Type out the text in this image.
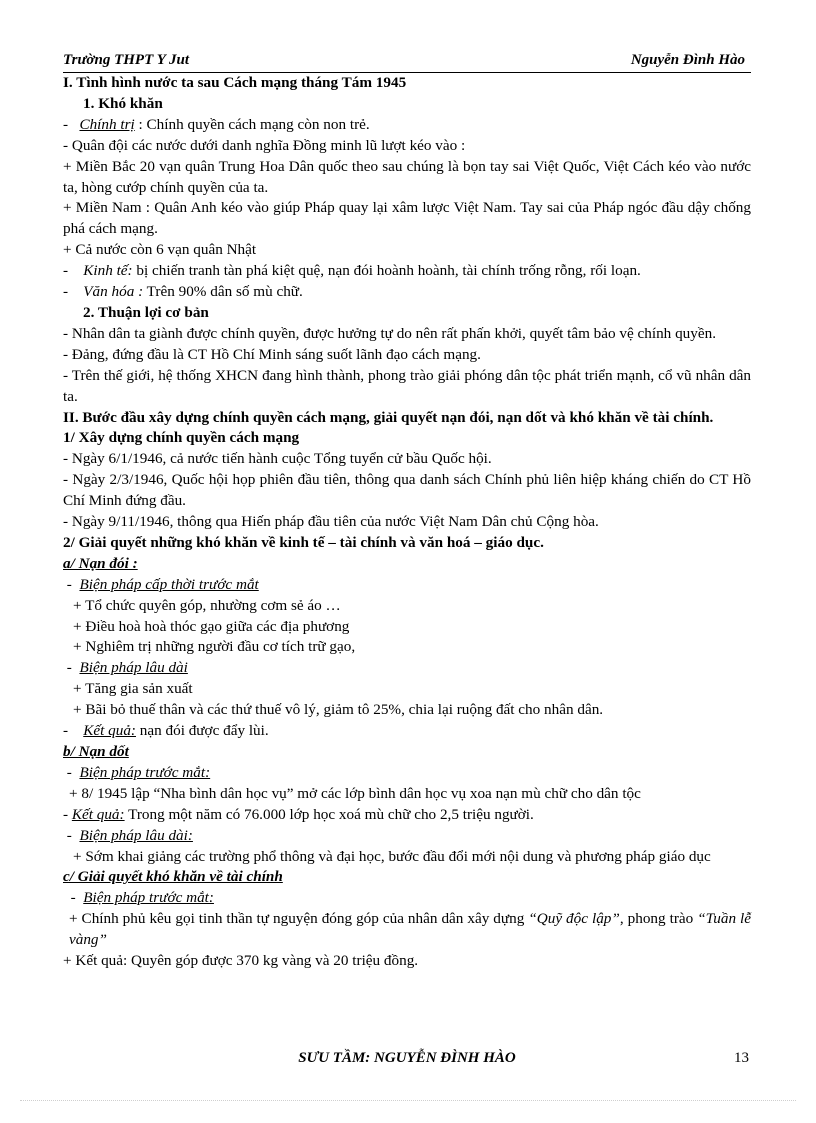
Trường THPT Y Jut	Nguyễn Đình Hào

I. Tình hình nước ta sau Cách mạng tháng Tám 1945

1. Khó khăn

-   Chính trị : Chính quyền cách mạng còn non trẻ.

- Quân đội các nước dưới danh nghĩa Đồng minh lũ lượt kéo vào :

+ Miền Bắc 20 vạn quân Trung Hoa Dân quốc theo sau chúng là bọn tay sai Việt Quốc, Việt Cách kéo vào nước ta, hòng cướp chính quyền của ta.

+ Miền Nam : Quân Anh kéo vào giúp Pháp quay lại xâm lược Việt Nam. Tay sai của Pháp ngóc đầu dậy chống phá cách mạng.

+ Cả nước còn 6 vạn quân Nhật

-    Kinh tế: bị chiến tranh tàn phá kiệt quệ, nạn đói hoành hoành, tài chính trống rỗng, rối loạn.

-    Văn hóa : Trên 90% dân số mù chữ.

2. Thuận lợi cơ bản

- Nhân dân ta giành được chính quyền, được hưởng tự do nên rất phấn khởi, quyết tâm bảo vệ chính quyền.

- Đảng, đứng đầu là CT Hồ Chí Minh sáng suốt lãnh đạo cách mạng.

- Trên thế giới, hệ thống XHCN đang hình thành, phong trào giải phóng dân tộc phát triển mạnh, cổ vũ nhân dân ta.

II. Bước đầu xây dựng chính quyền cách mạng, giải quyết nạn đói, nạn dốt và khó khăn về tài chính.

1/ Xây dựng chính quyền cách mạng

- Ngày 6/1/1946, cả nước tiến hành cuộc Tổng tuyển cử bầu Quốc hội.

- Ngày 2/3/1946, Quốc hội họp phiên đầu tiên, thông qua danh sách Chính phủ liên hiệp kháng chiến do CT Hồ Chí Minh đứng đầu.

- Ngày 9/11/1946, thông qua Hiến pháp đầu tiên của nước Việt Nam Dân chủ Cộng hòa.

2/ Giải quyết những khó khăn về kinh tế – tài chính và văn hoá – giáo dục.

a/ Nạn đói :

-  Biện pháp cấp thời trước mắt

+ Tổ chức quyên góp, nhường cơm sẻ áo …

+ Điều hoà hoà thóc gạo giữa các địa phương

+ Nghiêm trị những người đầu cơ tích trữ gạo,

-  Biện pháp lâu dài

+ Tăng gia sản xuất

+ Bãi bỏ thuế thân và các thứ thuế vô lý, giảm tô 25%, chia lại ruộng đất cho nhân dân.

-    Kết quả: nạn đói được đẩy lùi.

b/ Nạn dốt

-  Biện pháp trước mắt:

+ 8/ 1945 lập “Nha bình dân học vụ” mở các lớp bình dân học vụ xoa nạn mù chữ cho dân tộc

- Kết quả: Trong một năm có 76.000 lớp học xoá mù chữ cho 2,5 triệu người.

-  Biện pháp lâu dài:

+ Sớm khai giảng các trường phổ thông và đại học, bước đầu đổi mới nội dung và phương pháp giáo dục

c/ Giải quyết khó khăn về tài chính

-  Biện pháp trước mắt:

+ Chính phủ kêu gọi tinh thần tự nguyện đóng góp của nhân dân xây dựng “Quỹ độc lập”, phong trào “Tuần lễ vàng”

+ Kết quả: Quyên góp được 370 kg vàng và 20 triệu đồng.

SƯU TẦM: NGUYỄN ĐÌNH HÀO	13
